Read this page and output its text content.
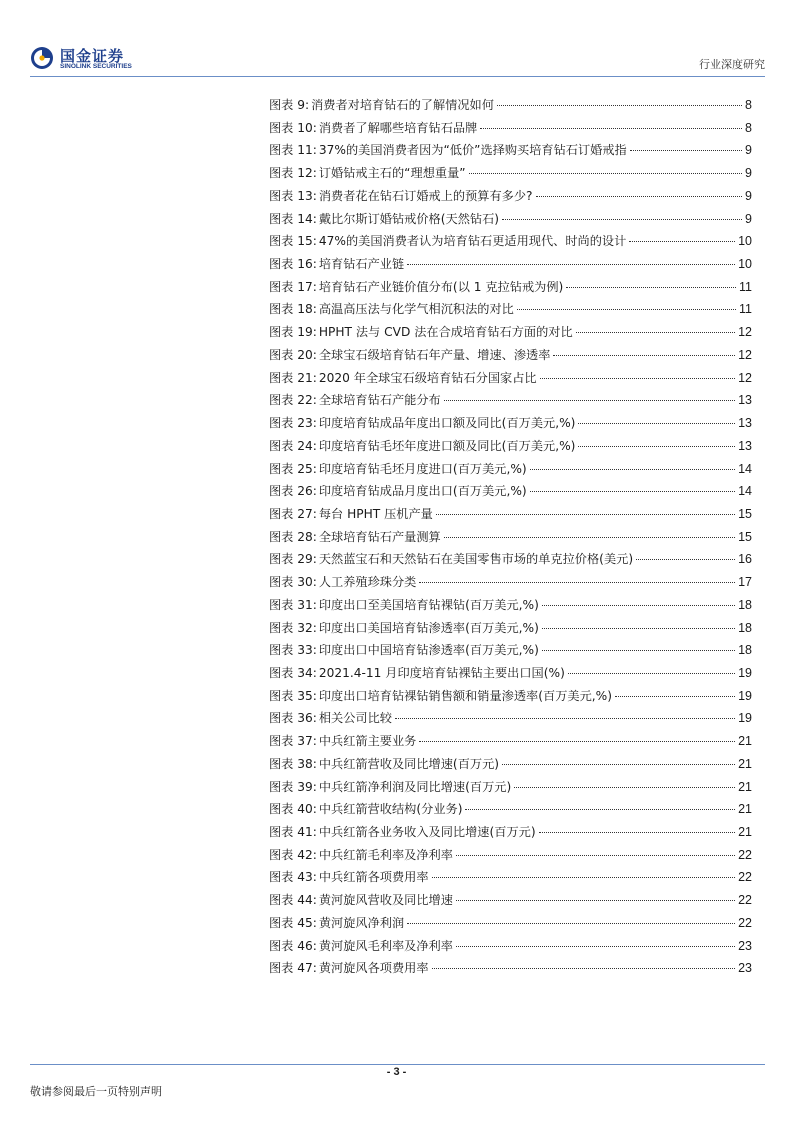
国金证券
SINOLINK SECURITIES	行业深度研究
图表 9: 消费者对培育钻石的了解情况如何	8
图表 10: 消费者了解哪些培育钻石品牌	8
图表 11: 37%的美国消费者因为“低价”选择购买培育钻石订婚戒指	9
图表 12: 订婚钻戒主石的“理想重量”	9
图表 13: 消费者花在钻石订婚戒上的预算有多少?	9
图表 14: 戴比尔斯订婚钻戒价格(天然钻石)	9
图表 15: 47%的美国消费者认为培育钻石更适用现代、时尚的设计	10
图表 16: 培育钻石产业链	10
图表 17: 培育钻石产业链价值分布(以 1 克拉钻戒为例)	11
图表 18: 高温高压法与化学气相沉积法的对比	11
图表 19: HPHT 法与 CVD 法在合成培育钻石方面的对比	12
图表 20: 全球宝石级培育钻石年产量、增速、渗透率	12
图表 21: 2020 年全球宝石级培育钻石分国家占比	12
图表 22: 全球培育钻石产能分布	13
图表 23: 印度培育钻成品年度出口额及同比(百万美元,%)	13
图表 24: 印度培育钻毛坯年度进口额及同比(百万美元,%)	13
图表 25: 印度培育钻毛坯月度进口(百万美元,%)	14
图表 26: 印度培育钻成品月度出口(百万美元,%)	14
图表 27: 每台 HPHT 压机产量	15
图表 28: 全球培育钻石产量测算	15
图表 29: 天然蓝宝石和天然钻石在美国零售市场的单克拉价格(美元)	16
图表 30: 人工养殖珍珠分类	17
图表 31: 印度出口至美国培育钻裸钻(百万美元,%)	18
图表 32: 印度出口美国培育钻渗透率(百万美元,%)	18
图表 33: 印度出口中国培育钻渗透率(百万美元,%)	18
图表 34: 2021.4-11 月印度培育钻裸钻主要出口国(%)	19
图表 35: 印度出口培育钻裸钻销售额和销量渗透率(百万美元,%)	19
图表 36: 相关公司比较	19
图表 37: 中兵红箭主要业务	21
图表 38: 中兵红箭营收及同比增速(百万元)	21
图表 39: 中兵红箭净利润及同比增速(百万元)	21
图表 40: 中兵红箭营收结构(分业务)	21
图表 41: 中兵红箭各业务收入及同比增速(百万元)	21
图表 42: 中兵红箭毛利率及净利率	22
图表 43: 中兵红箭各项费用率	22
图表 44: 黄河旋风营收及同比增速	22
图表 45: 黄河旋风净利润	22
图表 46: 黄河旋风毛利率及净利率	23
图表 47: 黄河旋风各项费用率	23
- 3 -
敬请参阅最后一页特别声明
